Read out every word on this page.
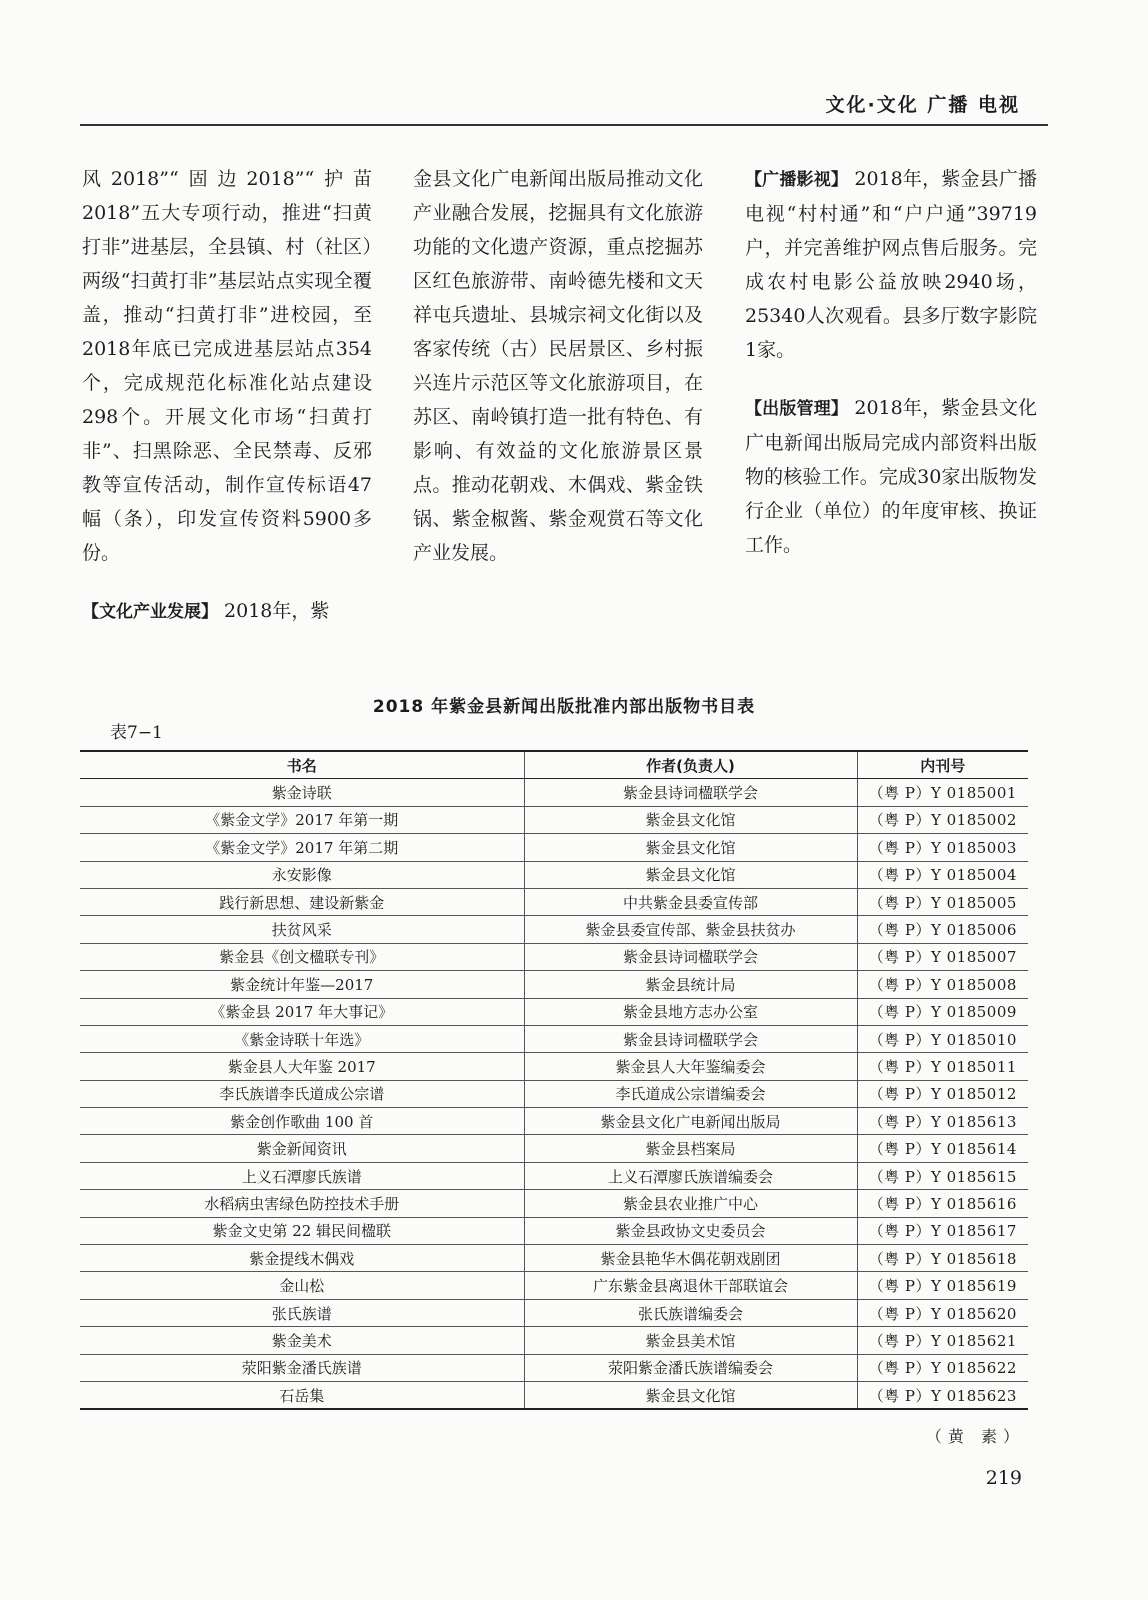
文化·文化 广播 电视

风2018”“固边2018”“护苗2018”五大专项行动，推进“扫黄打非”进基层，全县镇、村（社区）两级“扫黄打非”基层站点实现全覆盖，推动“扫黄打非”进校园，至2018年底已完成进基层站点354个，完成规范化标准化站点建设298个。开展文化市场“扫黄打非”、扫黑除恶、全民禁毒、反邪教等宣传活动，制作宣传标语47幅（条），印发宣传资料5900多份。

【文化产业发展】 2018年，紫

金县文化广电新闻出版局推动文化产业融合发展，挖掘具有文化旅游功能的文化遗产资源，重点挖掘苏区红色旅游带、南岭德先楼和文天祥屯兵遗址、县城宗祠文化街以及客家传统（古）民居景区、乡村振兴连片示范区等文化旅游项目，在苏区、南岭镇打造一批有特色、有影响、有效益的文化旅游景区景点。推动花朝戏、木偶戏、紫金铁锅、紫金椒酱、紫金观赏石等文化产业发展。

【广播影视】 2018年，紫金县广播电视“村村通”和“户户通”39719户，并完善维护网点售后服务。完成农村电影公益放映2940场，25340人次观看。县多厅数字影院1家。

【出版管理】 2018年，紫金县文化广电新闻出版局完成内部资料出版物的核验工作。完成30家出版物发行企业（单位）的年度审核、换证工作。

2018 年紫金县新闻出版批准内部出版物书目表
表7−1
书名	作者(负责人)	内刊号
紫金诗联	紫金县诗词楹联学会	（粤 P）Y 0185001
《紫金文学》2017 年第一期	紫金县文化馆	（粤 P）Y 0185002
《紫金文学》2017 年第二期	紫金县文化馆	（粤 P）Y 0185003
永安影像	紫金县文化馆	（粤 P）Y 0185004
践行新思想、建设新紫金	中共紫金县委宣传部	（粤 P）Y 0185005
扶贫风采	紫金县委宣传部、紫金县扶贫办	（粤 P）Y 0185006
紫金县《创文楹联专刊》	紫金县诗词楹联学会	（粤 P）Y 0185007
紫金统计年鉴—2017	紫金县统计局	（粤 P）Y 0185008
《紫金县 2017 年大事记》	紫金县地方志办公室	（粤 P）Y 0185009
《紫金诗联十年选》	紫金县诗词楹联学会	（粤 P）Y 0185010
紫金县人大年鉴 2017	紫金县人大年鉴编委会	（粤 P）Y 0185011
李氏族谱李氏道成公宗谱	李氏道成公宗谱编委会	（粤 P）Y 0185012
紫金创作歌曲 100 首	紫金县文化广电新闻出版局	（粤 P）Y 0185613
紫金新闻资讯	紫金县档案局	（粤 P）Y 0185614
上义石潭廖氏族谱	上义石潭廖氏族谱编委会	（粤 P）Y 0185615
水稻病虫害绿色防控技术手册	紫金县农业推广中心	（粤 P）Y 0185616
紫金文史第 22 辑民间楹联	紫金县政协文史委员会	（粤 P）Y 0185617
紫金提线木偶戏	紫金县艳华木偶花朝戏剧团	（粤 P）Y 0185618
金山松	广东紫金县离退休干部联谊会	（粤 P）Y 0185619
张氏族谱	张氏族谱编委会	（粤 P）Y 0185620
紫金美术	紫金县美术馆	（粤 P）Y 0185621
荥阳紫金潘氏族谱	荥阳紫金潘氏族谱编委会	（粤 P）Y 0185622
石岳集	紫金县文化馆	（粤 P）Y 0185623
（黄 素）
219
